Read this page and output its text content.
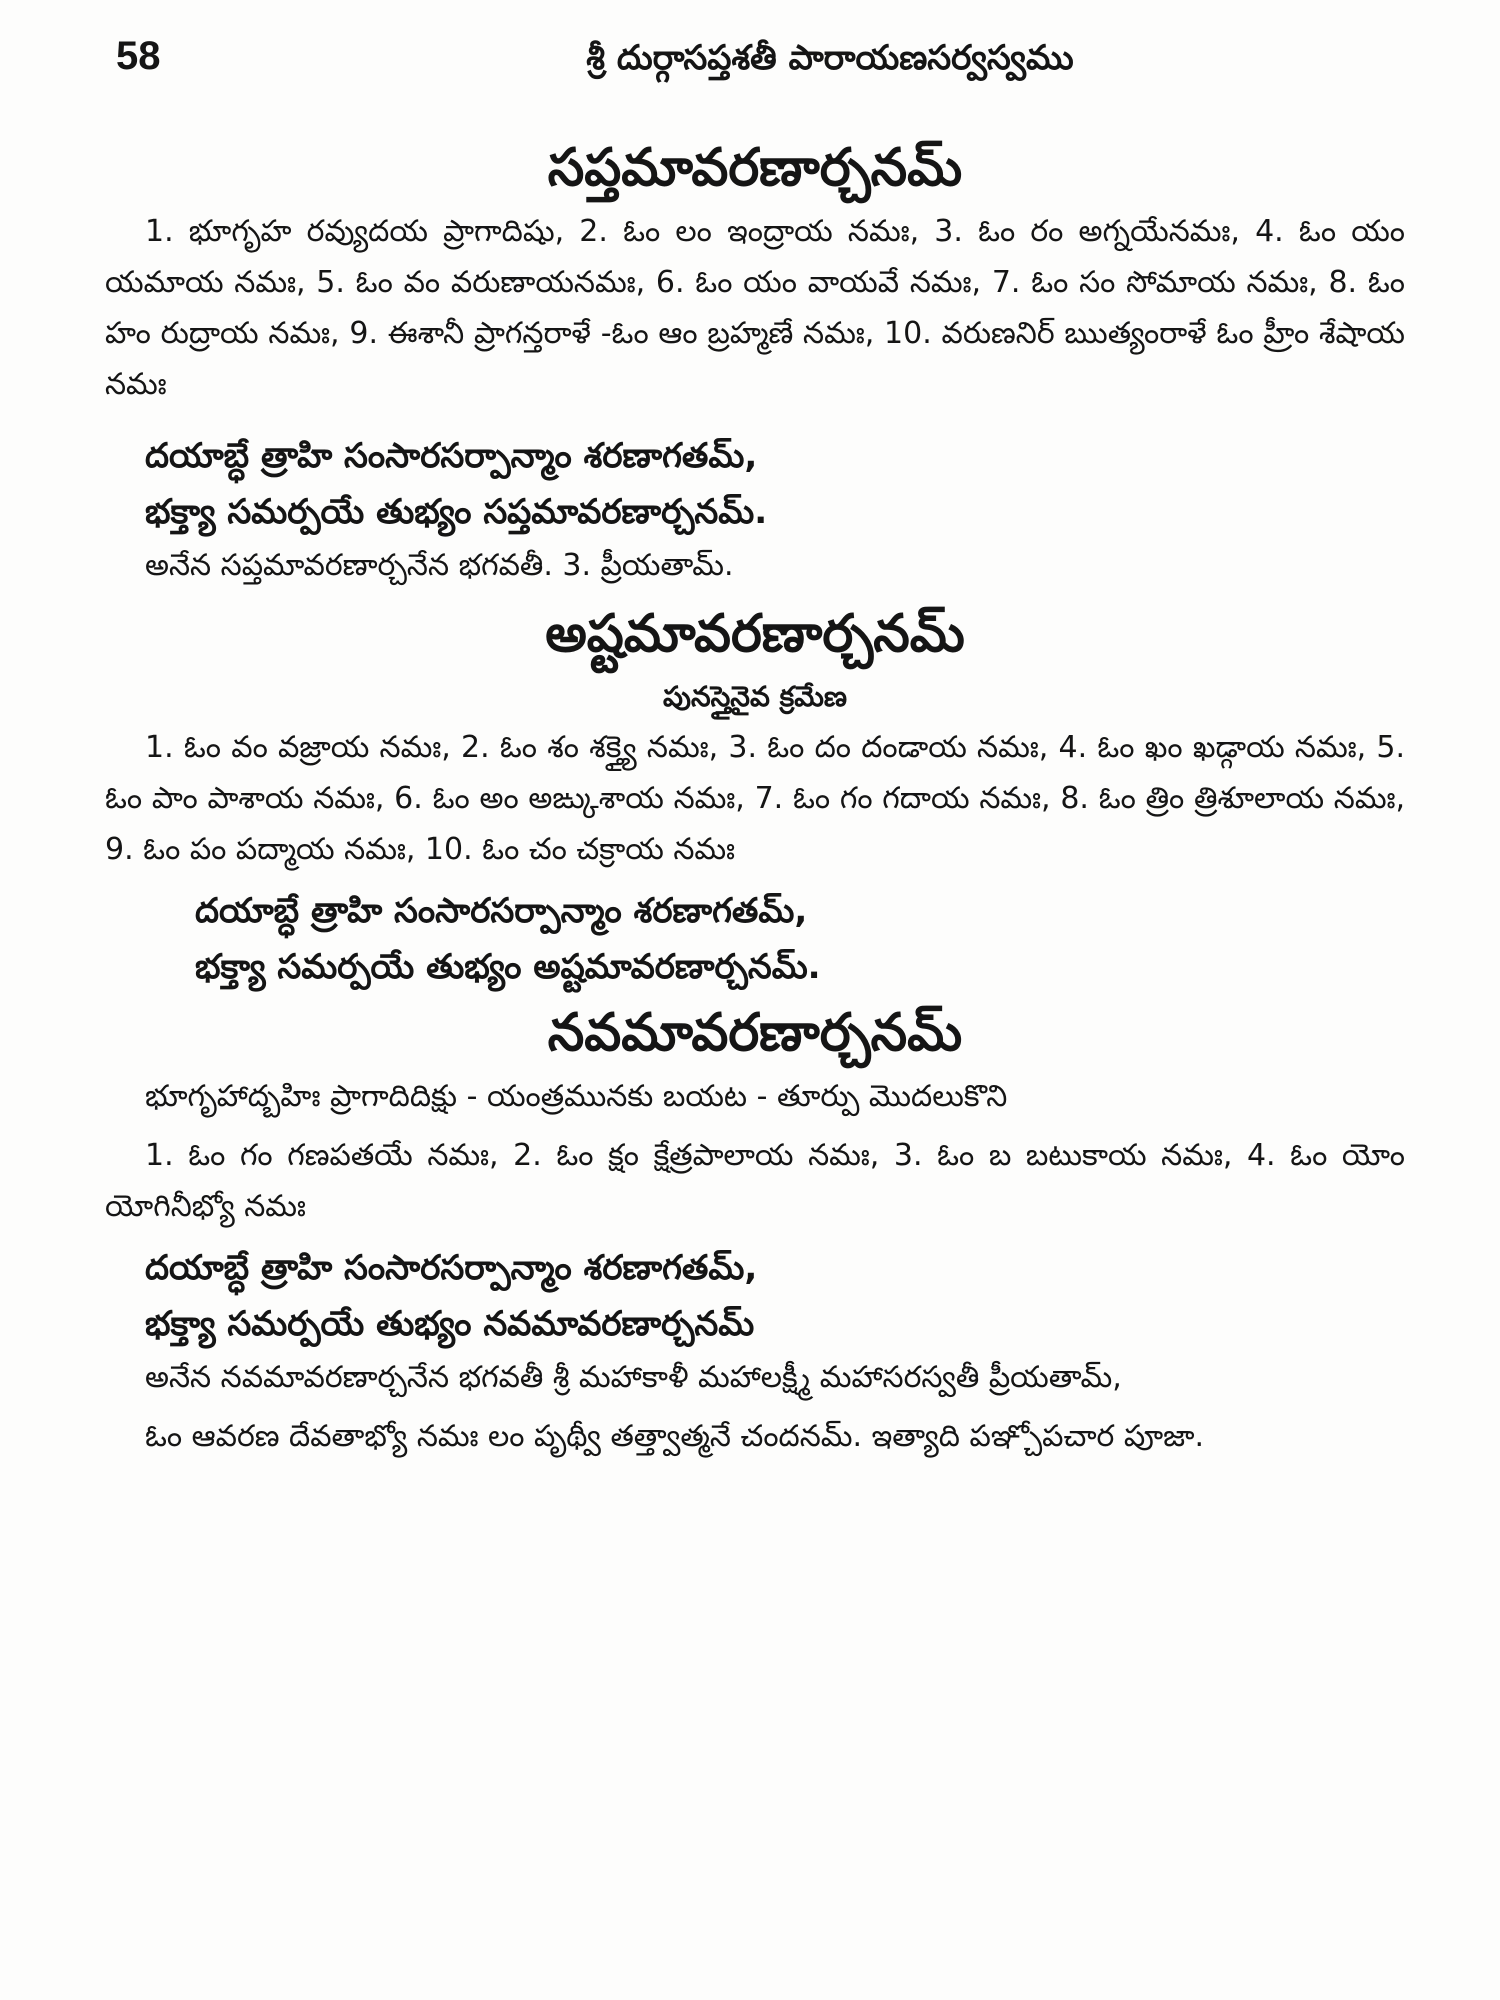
58	శ్రీ దుర్గాసప్తశతీ పారాయణసర్వస్వము
సప్తమావరణార్చనమ్

1. భూగృహ రవ్యుదయ ప్రాగాదిషు, 2. ఓం లం ఇంద్రాయ నమః, 3. ఓం రం అగ్నయేనమః, 4. ఓం యం యమాయ నమః, 5. ఓం వం వరుణాయనమః, 6. ఓం యం వాయవే నమః, 7. ఓం సం సోమాయ నమః, 8. ఓం హం రుద్రాయ నమః, 9. ఈశానీ ప్రాగన్తరాళే -ఓం ఆం బ్రహ్మణే నమః, 10. వరుణనిర్ ఋత్యంరాళే ఓం హ్రీం శేషాయ నమః

దయాబ్ధే త్రాహి సంసారసర్పాన్మాం శరణాగతమ్,

భక్త్యా సమర్పయే తుభ్యం సప్తమావరణార్చనమ్.

అనేన సప్తమావరణార్చనేన భగవతీ. 3. ప్రీయతామ్.

అష్టమావరణార్చనమ్

పునస్తైనైవ క్రమేణ

1. ఓం వం వజ్రాయ నమః, 2. ఓం శం శక్త్యై నమః, 3. ఓం దం దండాయ నమః, 4. ఓం ఖం ఖడ్గాయ నమః, 5. ఓం పాం పాశాయ నమః, 6. ఓం అం అఙ్కుశాయ నమః, 7. ఓం గం గదాయ నమః, 8. ఓం త్రిం త్రిశూలాయ నమః, 9. ఓం పం పద్మాయ నమః, 10. ఓం చం చక్రాయ నమః

దయాబ్ధే త్రాహి సంసారసర్పాన్మాం శరణాగతమ్,

భక్త్యా సమర్పయే తుభ్యం అష్టమావరణార్చనమ్.

నవమావరణార్చనమ్

భూగృహాద్బహిః ప్రాగాదిదిక్షు - యంత్రమునకు బయట - తూర్పు మొదలుకొని

1. ఓం గం గణపతయే నమః, 2. ఓం క్షం క్షేత్రపాలాయ నమః, 3. ఓం బ బటుకాయ నమః, 4. ఓం యోం యోగినీభ్యో నమః

దయాబ్ధే త్రాహి సంసారసర్పాన్మాం శరణాగతమ్,

భక్త్యా సమర్పయే తుభ్యం నవమావరణార్చనమ్

అనేన నవమావరణార్చనేన భగవతీ శ్రీ మహాకాళీ మహాలక్ష్మీ మహాసరస్వతీ ప్రీయతామ్,

ఓం ఆవరణ దేవతాభ్యో నమః లం పృథ్వీ తత్త్వాత్మనే చందనమ్. ఇత్యాది పఞ్చోపచార పూజా.
